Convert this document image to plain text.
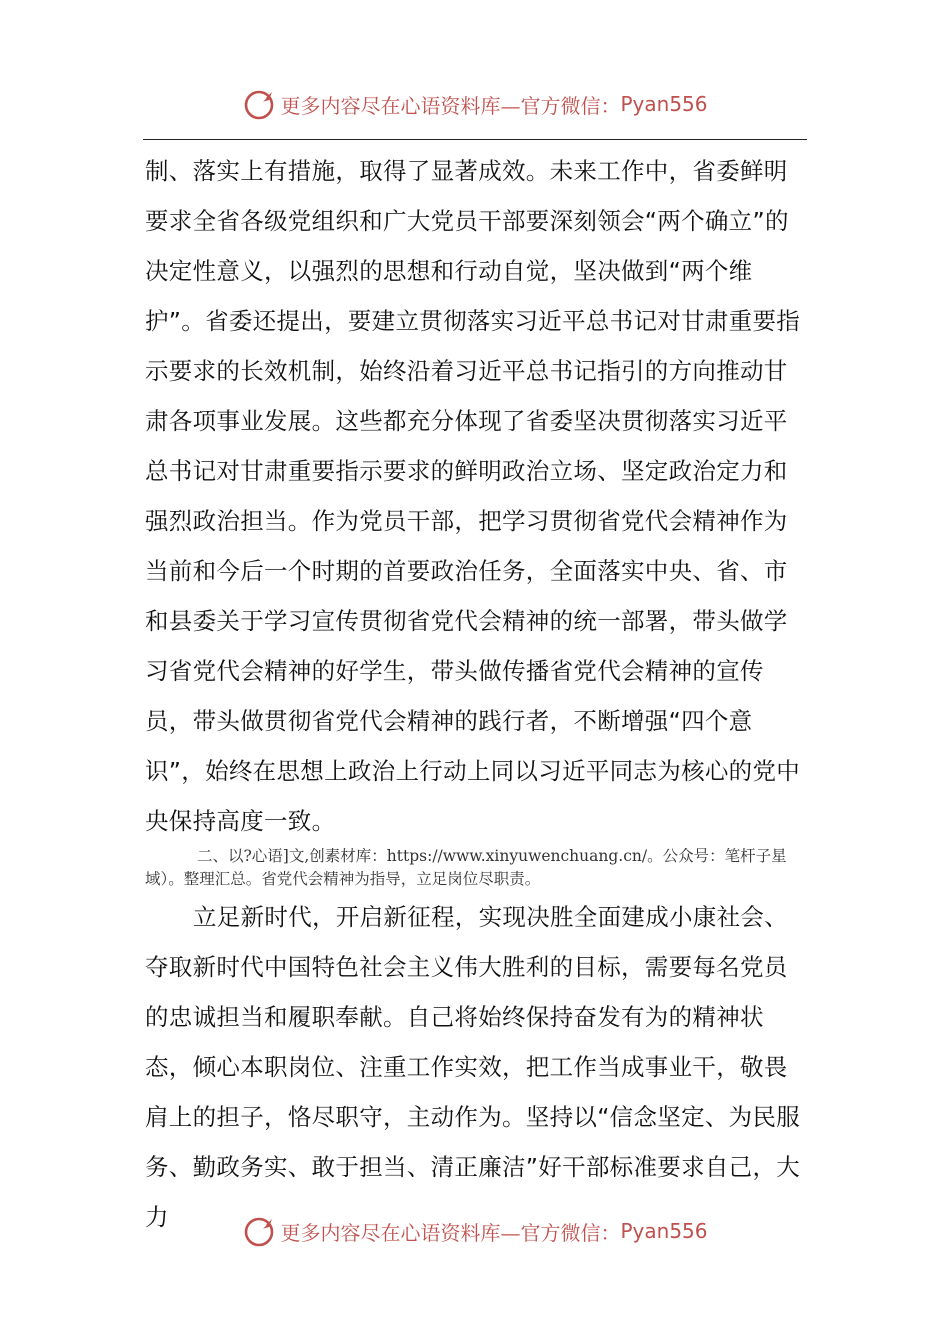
更多内容尽在心语资料库—官方微信： Pyan556

制、落实上有措施，取得了显著成效。未来工作中，省委鲜明要求全省各级党组织和广大党员干部要深刻领会“两个确立”的决定性意义，以强烈的思想和行动自觉，坚决做到“两个维护”。省委还提出，要建立贯彻落实习近平总书记对甘肃重要指示要求的长效机制，始终沿着习近平总书记指引的方向推动甘肃各项事业发展。这些都充分体现了省委坚决贯彻落实习近平总书记对甘肃重要指示要求的鲜明政治立场、坚定政治定力和强烈政治担当。作为党员干部，把学习贯彻省党代会精神作为当前和今后一个时期的首要政治任务，全面落实中央、省、市和县委关于学习宣传贯彻省党代会精神的统一部署，带头做学习省党代会精神的好学生，带头做传播省党代会精神的宣传员，带头做贯彻省党代会精神的践行者，不断增强“四个意识”，始终在思想上政治上行动上同以习近平同志为核心的党中央保持高度一致。

二、以?心语]文,创素材库：https://www.xinyuwenchuang.cn/。公众号：笔杆子星域）。整理汇总。省党代会精神为指导，立足岗位尽职责。

立足新时代，开启新征程，实现决胜全面建成小康社会、夺取新时代中国特色社会主义伟大胜利的目标，需要每名党员的忠诚担当和履职奉献。自己将始终保持奋发有为的精神状态，倾心本职岗位、注重工作实效，把工作当成事业干，敬畏肩上的担子，恪尽职守，主动作为。坚持以“信念坚定、为民服务、勤政务实、敢于担当、清正廉洁”好干部标准要求自己，大力

更多内容尽在心语资料库—官方微信： Pyan556
